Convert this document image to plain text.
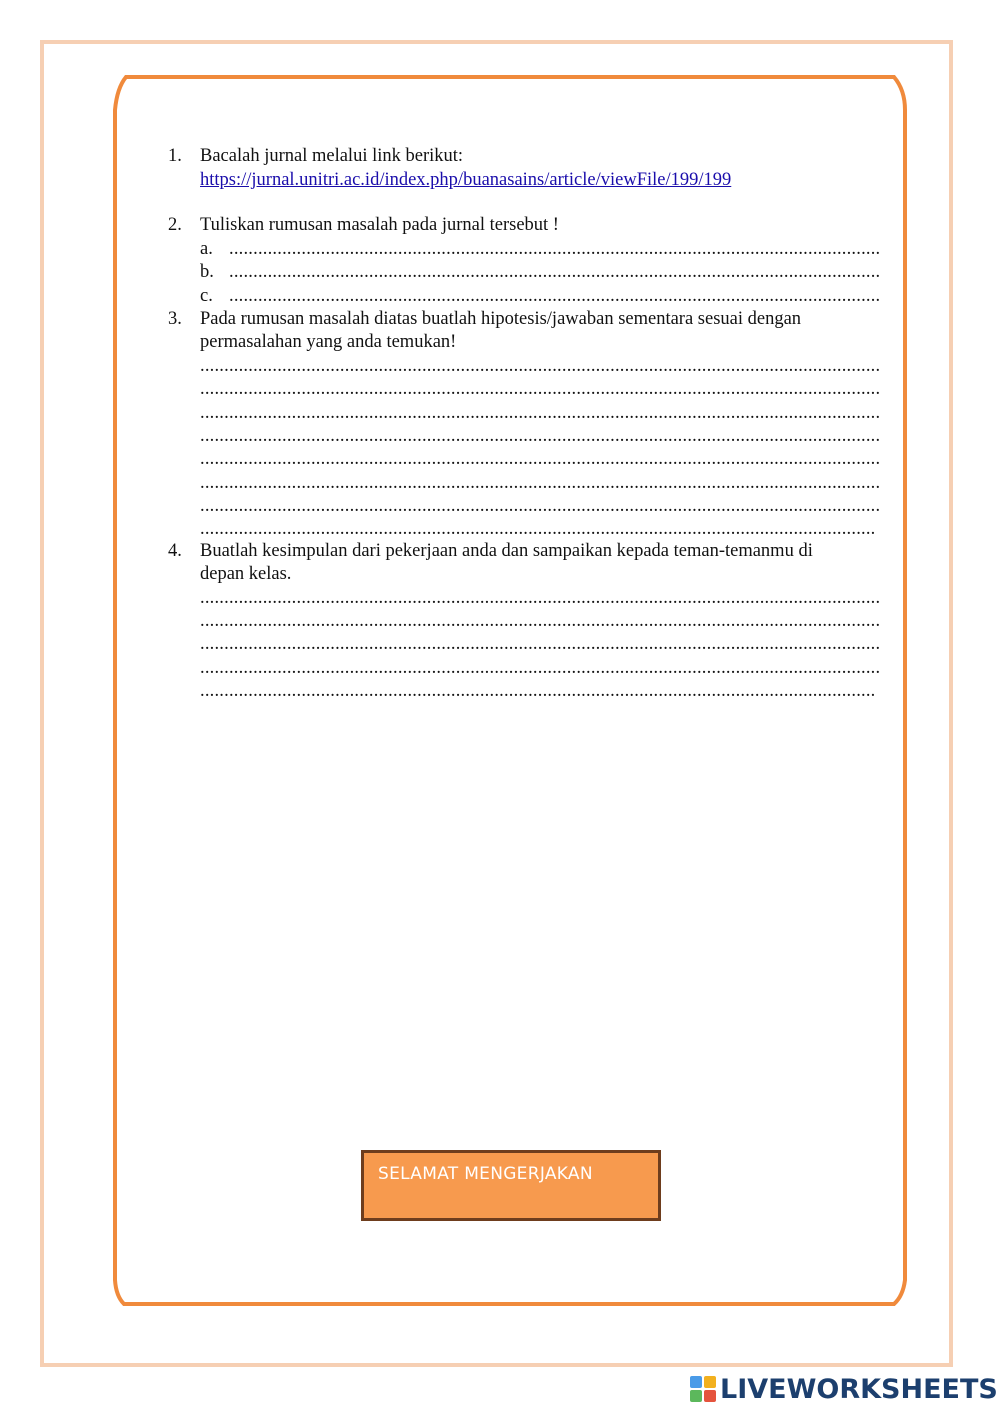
1. Bacalah jurnal melalui link berikut:
https://jurnal.unitri.ac.id/index.php/buanasains/article/viewFile/199/199
2. Tuliskan rumusan masalah pada jurnal tersebut !
a.
.....
b.
.....
c.
.....
3. Pada rumusan masalah diatas buatlah hipotesis/jawaban sementara sesuai dengan
permasalahan yang anda temukan!
.....
.....
.....
.....
.....
.....
.....
.....
4. Buatlah kesimpulan dari pekerjaan anda dan sampaikan kepada teman-temanmu di
depan kelas.
.....
.....
.....
.....
.....
SELAMAT MENGERJAKAN
LIVEWORKSHEETS
